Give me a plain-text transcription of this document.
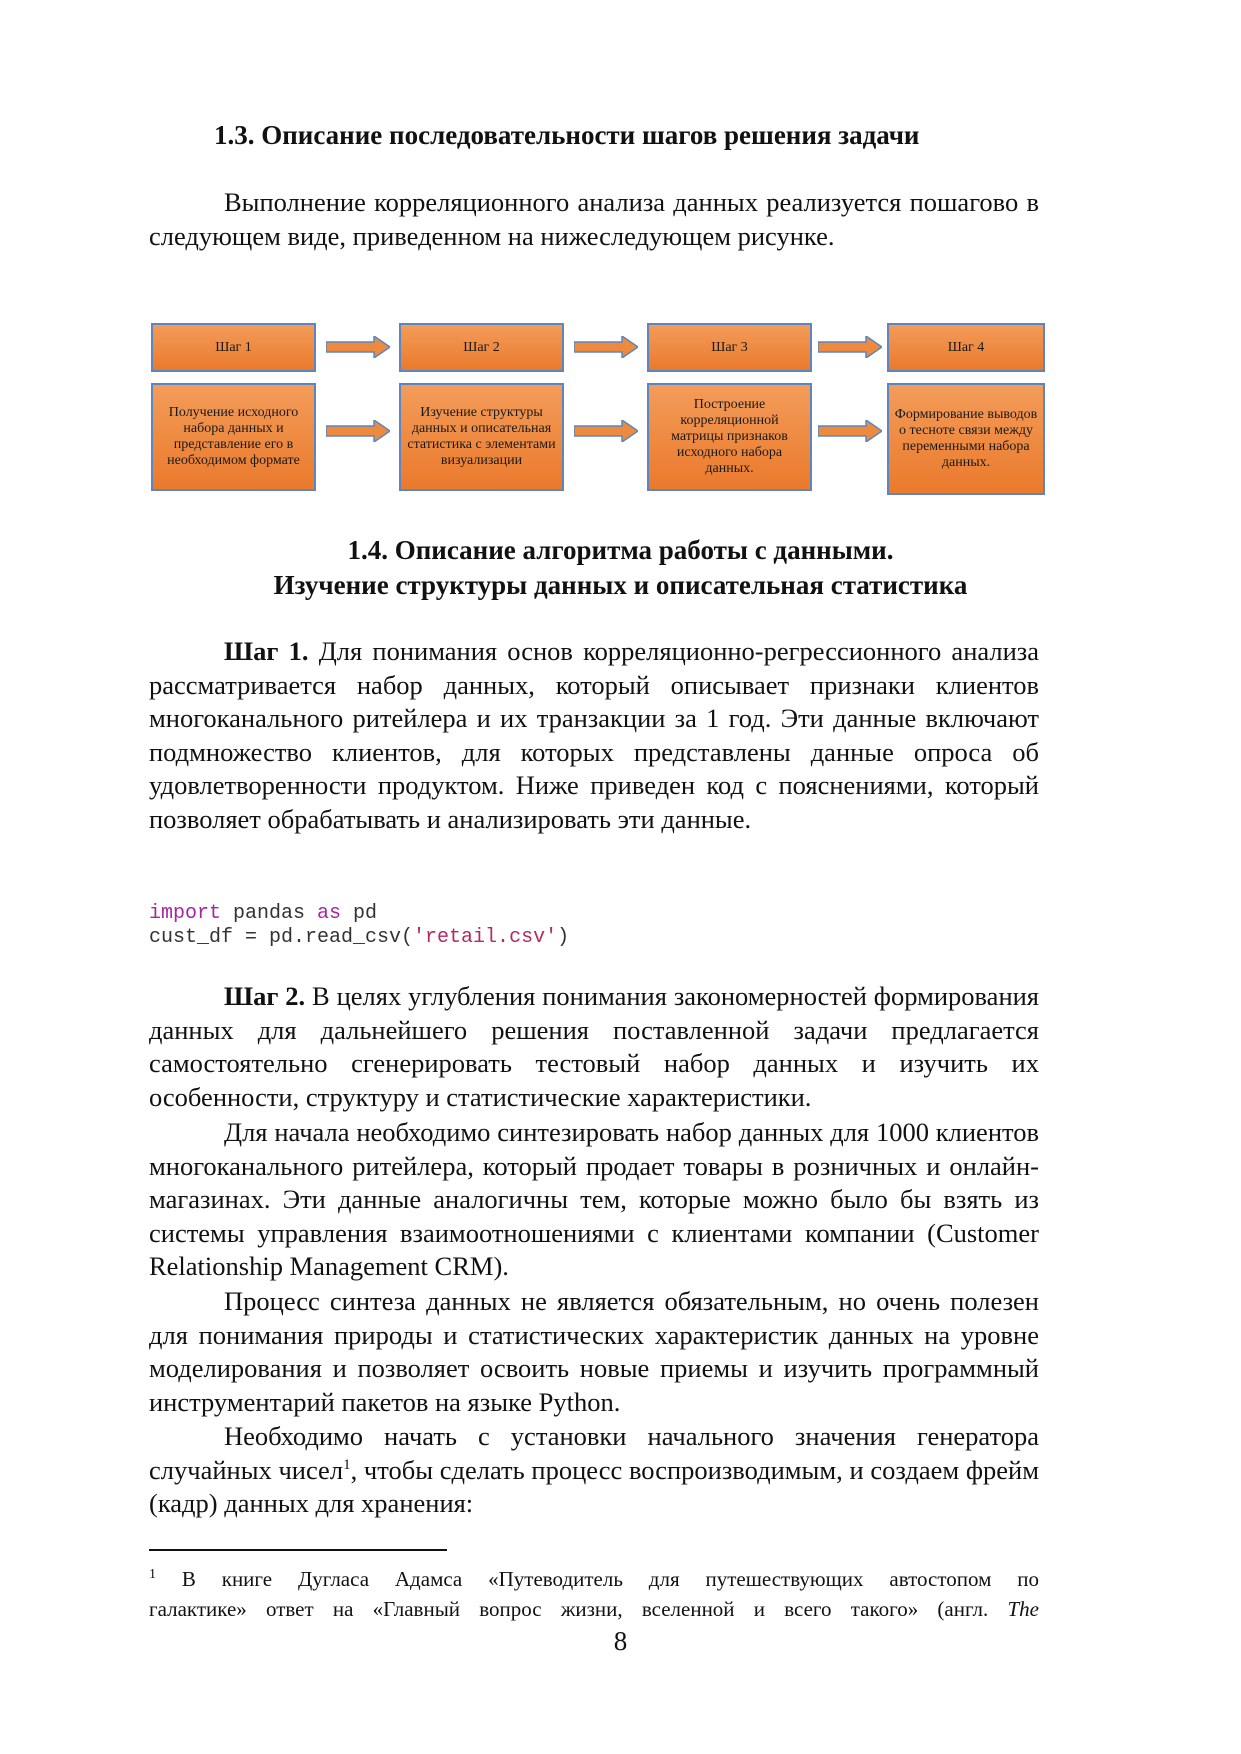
1.3. Описание последовательности шагов решения задачи

Выполнение корреляционного анализа данных реализуется пошагово в следующем виде, приведенном на нижеследующем рисунке.

Шаг 1	Шаг 2	Шаг 3	Шаг 4
Получение исходного набора данных и представление его в необходимом формате
Изучение структуры данных и описательная статистика с элементами визуализации
Построение корреляционной матрицы признаков исходного набора данных.
Формирование выводов о тесноте связи между переменными набора данных.
1.4. Описание алгоритма работы с данными.
Изучение структуры данных и описательная статистика

Шаг 1. Для понимания основ корреляционно-регрессионного анализа рассматривается набор данных, который описывает признаки клиентов многоканального ритейлера и их транзакции за 1 год. Эти данные включают подмножество клиентов, для которых представлены данные опроса об удовлетворенности продуктом. Ниже приведен код с пояснениями, который позволяет обрабатывать и анализировать эти данные.

import pandas as pd
cust_df = pd.read_csv('retail.csv')

Шаг 2. В целях углубления понимания закономерностей формирования данных для дальнейшего решения поставленной задачи предлагается самостоятельно сгенерировать тестовый набор данных и изучить их особенности, структуру и статистические характеристики.

Для начала необходимо синтезировать набор данных для 1000 клиентов многоканального ритейлера, который продает товары в розничных и онлайн-магазинах. Эти данные аналогичны тем, которые можно было бы взять из системы управления взаимоотношениями с клиентами компании (Customer Relationship Management CRM).

Процесс синтеза данных не является обязательным, но очень полезен для понимания природы и статистических характеристик данных на уровне моделирования и позволяет освоить новые приемы и изучить программный инструментарий пакетов на языке Python.

Необходимо начать с установки начального значения генератора случайных чисел$^1$, чтобы сделать процесс воспроизводимым, и создаем фрейм (кадр) данных для хранения:

$^1$ В книге Дугласа Адамса «Путеводитель для путешествующих автостопом по

галактике» ответ на «Главный вопрос жизни, вселенной и всего такого» (англ. The

8
